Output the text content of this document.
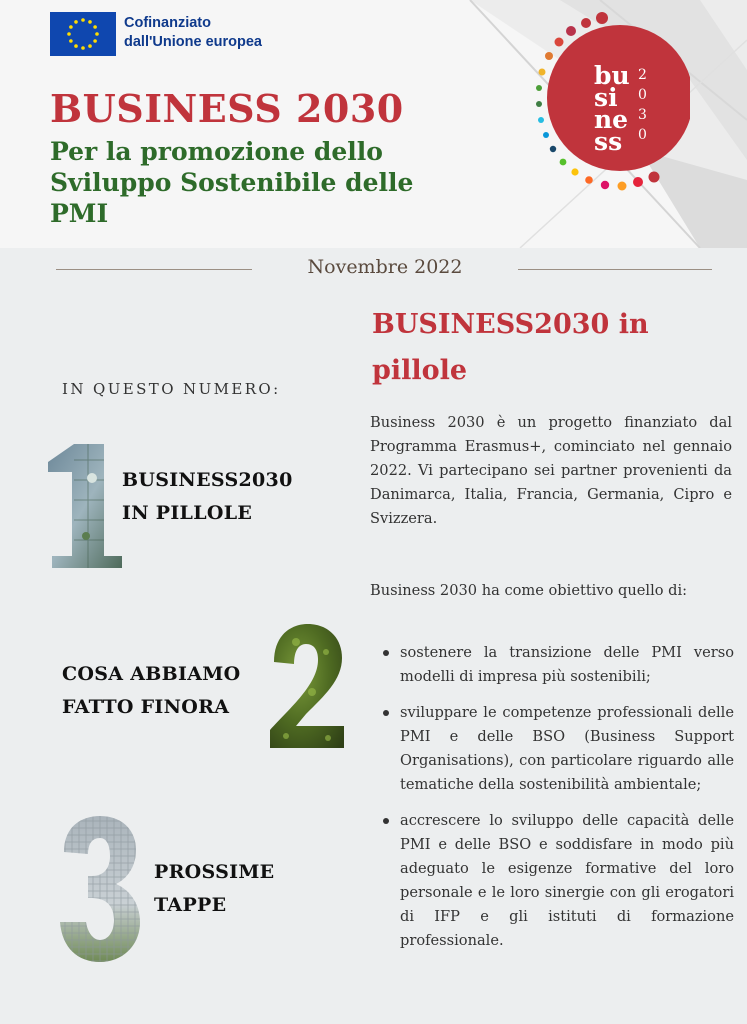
Cofinanziato
dall'Unione europea
BUSINESS 2030
Per la promozione dello
Sviluppo Sostenibile delle
PMI
bu
si
ne
ss
2
0
3
0
Novembre 2022
IN QUESTO NUMERO:
BUSINESS2030
IN PILLOLE
COSA ABBIAMO
FATTO FINORA
PROSSIME
TAPPE
BUSINESS2030 in
pillole

Business 2030 è un progetto finanziato dal Programma Erasmus+, cominciato nel gennaio 2022. Vi partecipano sei partner provenienti da Danimarca, Italia, Francia, Germania, Cipro e Svizzera.

Business 2030 ha come obiettivo quello di:

sostenere la transizione delle PMI verso modelli di impresa più sostenibili;
sviluppare le competenze professionali delle PMI e delle BSO (Business Support Organisations), con particolare riguardo alle tematiche della sostenibilità ambientale;
accrescere lo sviluppo delle capacità delle PMI e delle BSO e soddisfare in modo più adeguato le esigenze formative del loro personale e le loro sinergie con gli erogatori di IFP e gli istituti di formazione professionale.
